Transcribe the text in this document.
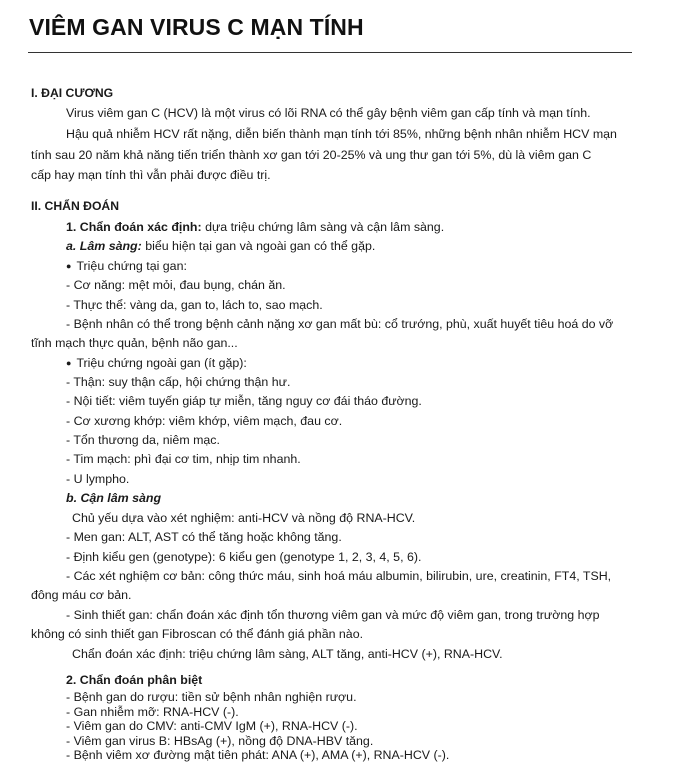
VIÊM GAN VIRUS C MẠN TÍNH
I. ĐẠI CƯƠNG
Virus viêm gan C (HCV) là một virus có lõi RNA có thể gây bệnh viêm gan cấp tính và mạn tính.
Hậu quả nhiễm HCV rất nặng, diễn biến thành mạn tính tới 85%, những bệnh nhân nhiễm HCV mạn
tính sau 20 năm khả năng tiến triển thành xơ gan tới 20-25% và ung thư gan tới 5%, dù là viêm gan C
cấp hay mạn tính thì vẫn phải được điều trị.
II. CHẨN ĐOÁN
1. Chẩn đoán xác định: dựa triệu chứng lâm sàng và cận lâm sàng.
a. Lâm sàng: biểu hiện tại gan và ngoài gan có thể gặp.
● Triệu chứng tại gan:
- Cơ năng: mệt mỏi, đau bụng, chán ăn.
- Thực thể: vàng da, gan to, lách to, sao mạch.
- Bệnh nhân có thể trong bệnh cảnh nặng xơ gan mất bù: cổ trướng, phù, xuất huyết tiêu hoá do vỡ
tĩnh mạch thực quản, bệnh não gan...
● Triệu chứng ngoài gan (ít gặp):
- Thận: suy thận cấp, hội chứng thận hư.
- Nội tiết: viêm tuyến giáp tự miễn, tăng nguy cơ đái tháo đường.
- Cơ xương khớp: viêm khớp, viêm mạch, đau cơ.
- Tổn thương da, niêm mạc.
- Tim mạch: phì đại cơ tim, nhịp tim nhanh.
- U lympho.
b. Cận lâm sàng
Chủ yếu dựa vào xét nghiệm: anti-HCV và nồng độ RNA-HCV.
- Men gan: ALT, AST có thể tăng hoặc không tăng.
- Định kiểu gen (genotype): 6 kiểu gen (genotype 1, 2, 3, 4, 5, 6).
- Các xét nghiệm cơ bản: công thức máu, sinh hoá máu albumin, bilirubin, ure, creatinin, FT4, TSH,
đông máu cơ bản.
- Sinh thiết gan: chẩn đoán xác định tổn thương viêm gan và mức độ viêm gan, trong trường hợp
không có sinh thiết gan Fibroscan có thể đánh giá phần nào.
Chẩn đoán xác định: triệu chứng lâm sàng, ALT tăng, anti-HCV (+), RNA-HCV.
2. Chẩn đoán phân biệt
- Bệnh gan do rượu: tiền sử bệnh nhân nghiện rượu.
- Gan nhiễm mỡ: RNA-HCV (-).
- Viêm gan do CMV: anti-CMV IgM (+), RNA-HCV (-).
- Viêm gan virus B: HBsAg (+), nồng độ DNA-HBV tăng.
- Bệnh viêm xơ đường mật tiên phát: ANA (+), AMA (+), RNA-HCV (-).
